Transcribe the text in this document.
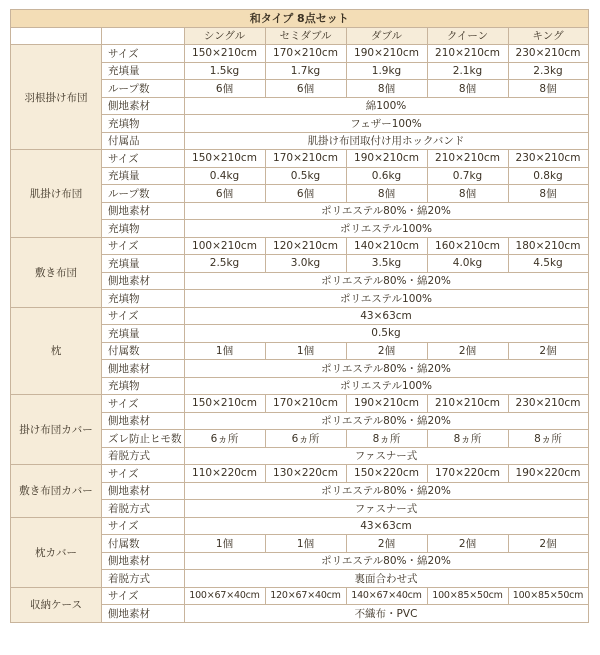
和タイプ 8点セット						
		シングル	セミダブル	ダブル	クイーン	キング
羽根掛け布団	サイズ	150×210cm	170×210cm	190×210cm	210×210cm	230×210cm
	充填量	1.5kg	1.7kg	1.9kg	2.1kg	2.3kg
	ループ数	6個	6個	8個	8個	8個
	側地素材	綿100%				
	充填物	フェザー100%				
	付属品	肌掛け布団取付け用ホックバンド				
肌掛け布団	サイズ	150×210cm	170×210cm	190×210cm	210×210cm	230×210cm
	充填量	0.4kg	0.5kg	0.6kg	0.7kg	0.8kg
	ループ数	6個	6個	8個	8個	8個
	側地素材	ポリエステル80%・綿20%				
	充填物	ポリエステル100%				
敷き布団	サイズ	100×210cm	120×210cm	140×210cm	160×210cm	180×210cm
	充填量	2.5kg	3.0kg	3.5kg	4.0kg	4.5kg
	側地素材	ポリエステル80%・綿20%				
	充填物	ポリエステル100%				
枕	サイズ	43×63cm				
	充填量	0.5kg				
	付属数	1個	1個	2個	2個	2個
	側地素材	ポリエステル80%・綿20%				
	充填物	ポリエステル100%				
掛け布団カバー	サイズ	150×210cm	170×210cm	190×210cm	210×210cm	230×210cm
	側地素材	ポリエステル80%・綿20%				
	ズレ防止ヒモ数	6ヵ所	6ヵ所	8ヵ所	8ヵ所	8ヵ所
	着脱方式	ファスナー式				
敷き布団カバー	サイズ	110×220cm	130×220cm	150×220cm	170×220cm	190×220cm
	側地素材	ポリエステル80%・綿20%				
	着脱方式	ファスナー式				
枕カバー	サイズ	43×63cm				
	付属数	1個	1個	2個	2個	2個
	側地素材	ポリエステル80%・綿20%				
	着脱方式	裏面合わせ式				
収納ケース	サイズ	100×67×40cm	120×67×40cm	140×67×40cm	100×85×50cm	100×85×50cm
	側地素材	不織布・PVC				
